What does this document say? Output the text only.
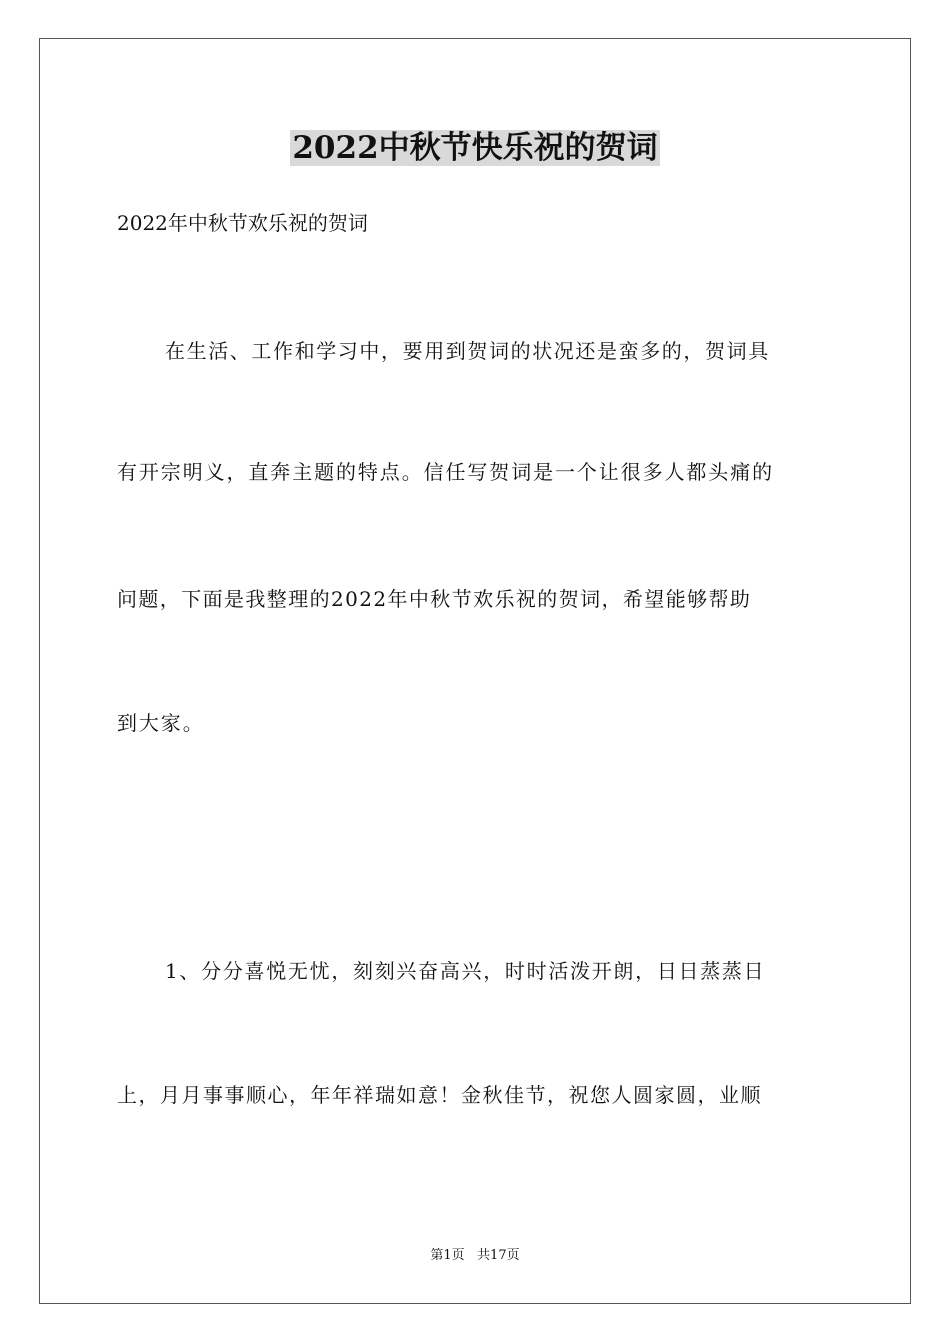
2022中秋节快乐祝的贺词
2022年中秋节欢乐祝的贺词
在生活、工作和学习中，要用到贺词的状况还是蛮多的，贺词具
有开宗明义，直奔主题的特点。信任写贺词是一个让很多人都头痛的
问题，下面是我整理的2022年中秋节欢乐祝的贺词，希望能够帮助
到大家。
1、分分喜悦无忧，刻刻兴奋高兴，时时活泼开朗，日日蒸蒸日
上，月月事事顺心，年年祥瑞如意！金秋佳节，祝您人圆家圆，业顺
第1页   共17页
